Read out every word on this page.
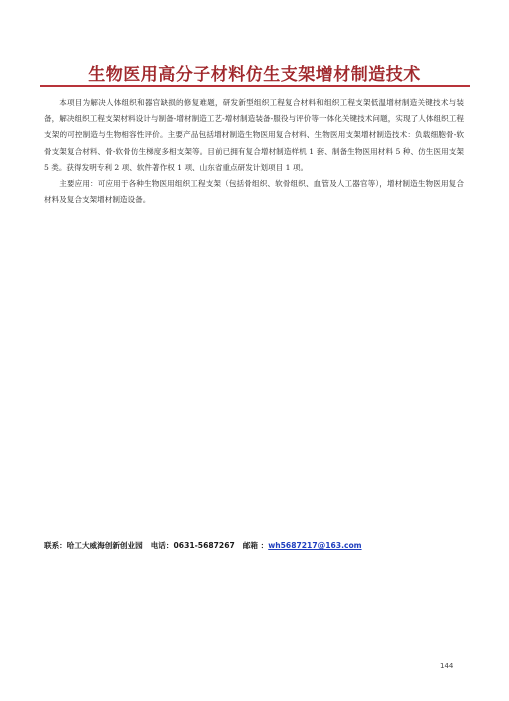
生物医用高分子材料仿生支架增材制造技术

本项目为解决人体组织和器官缺损的修复难题，研发新型组织工程复合材料和组织工程支架低温增材制造关键技术与装备，解决组织工程支架材料设计与制备-增材制造工艺-增材制造装备-服役与评价等一体化关键技术问题，实现了人体组织工程支架的可控制造与生物相容性评价。主要产品包括增材制造生物医用复合材料、生物医用支架增材制造技术：负载细胞骨-软骨支架复合材料、骨-软骨仿生梯度多相支架等。目前已拥有复合增材制造样机 1 套、制备生物医用材料 5 种、仿生医用支架 5 类。获得发明专利 2 项、软件著作权 1 项、山东省重点研发计划项目 1 项。

主要应用：可应用于各种生物医用组织工程支架（包括骨组织、软骨组织、血管及人工器官等），增材制造生物医用复合材料及复合支架增材制造设备。

联系：哈工大威海创新创业园 电话：0631-5687267 邮箱 ：wh5687217@163.com
144
